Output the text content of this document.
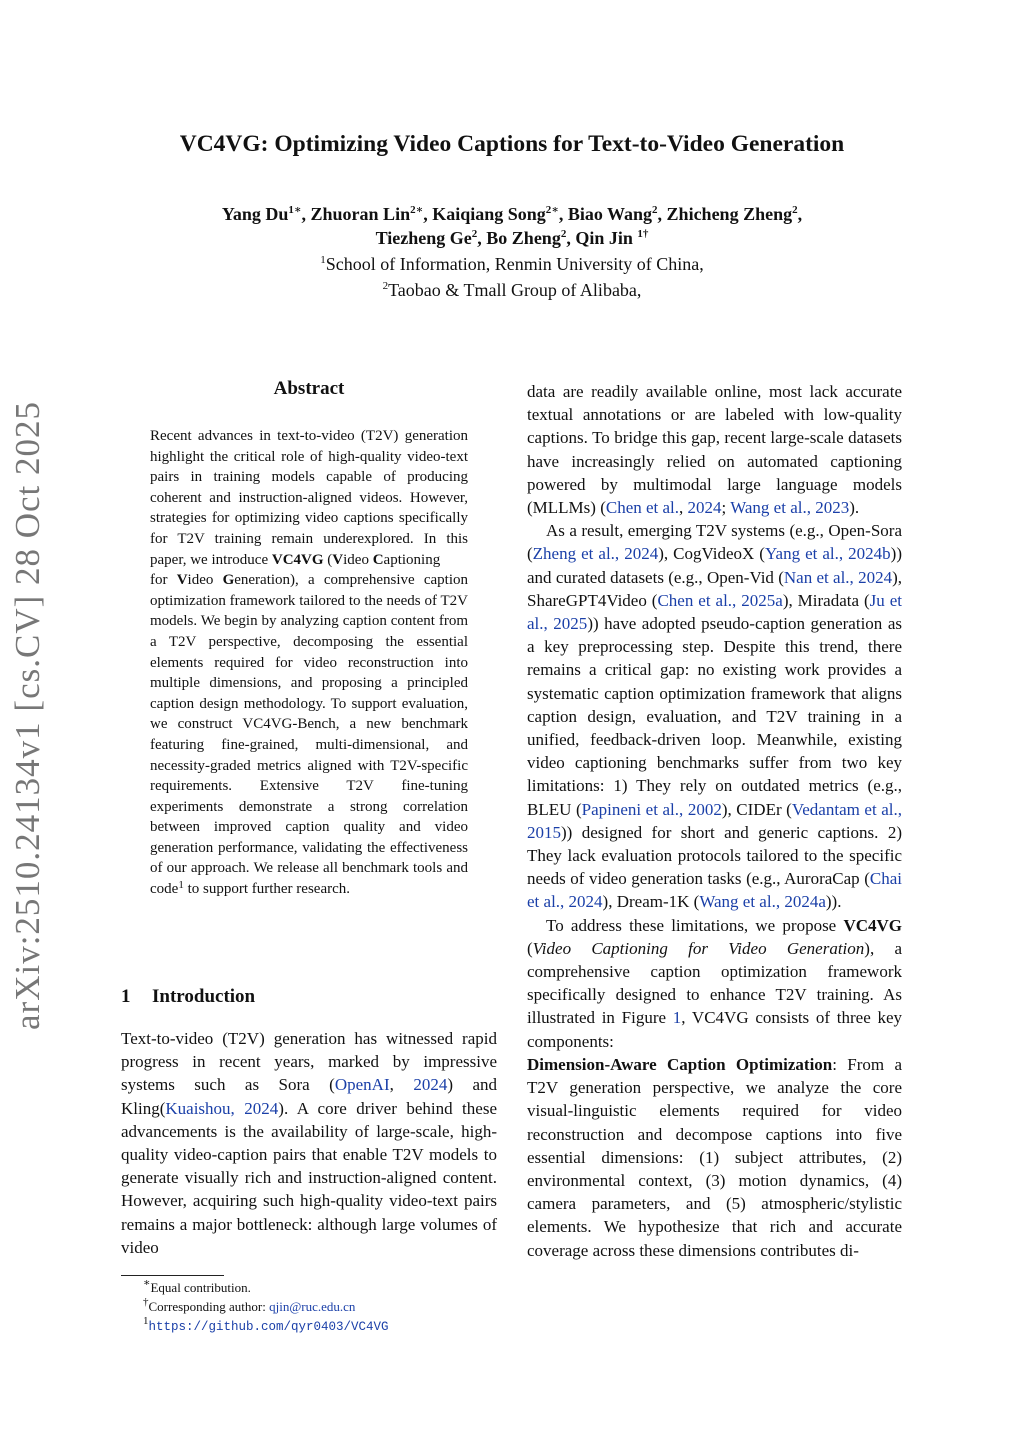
VC4VG: Optimizing Video Captions for Text-to-Video Generation
Yang $Du^{1∗}$, Zhuoran Lin$^{2∗}$, Kaiqiang Song$^{2∗}$, Biao Wang$^2$, Zhicheng Zheng$^2$,
Tiezheng Ge$^2$, Bo Zheng$^2$, Qin Jin $^{1\dagger}$
$^1$School of Information, Renmin University of China,
$^2$Taobao & Tmall Group of Alibaba,
arXiv:2510.24134v1 [cs.CV] 28 Oct 2025
Abstract
Recent advances in text-to-video (T2V) generation highlight the critical role of high-quality video-text pairs in training models capable of producing coherent and instruction-aligned videos. However, strategies for optimizing video captions specifically for T2V training remain underexplored. In this paper, we introduce VC4VG (Video Captioning
for Video Generation), a comprehensive caption optimization framework tailored to the needs of T2V models. We begin by analyzing caption content from a T2V perspective, decomposing the essential elements required for video reconstruction into multiple dimensions, and proposing a principled caption design methodology. To support evaluation, we construct VC4VG-Bench, a new benchmark featuring fine-grained, multi-dimensional, and necessity-graded metrics aligned with T2V-specific requirements. Extensive T2V fine-tuning experiments demonstrate a strong correlation between improved caption quality and video generation performance, validating the effectiveness of our approach. We release all benchmark tools and code$^1$ to support further research.
1 Introduction
Text-to-video (T2V) generation has witnessed rapid progress in recent years, marked by impressive systems such as Sora (OpenAI, 2024) and Kling(Kuaishou, 2024). A core driver behind these advancements is the availability of large-scale, high-quality video-caption pairs that enable T2V models to generate visually rich and instruction-aligned content. However, acquiring such high-quality video-text pairs remains a major bottleneck: although large volumes of video

data are readily available online, most lack accurate textual annotations or are labeled with low-quality captions. To bridge this gap, recent large-scale datasets have increasingly relied on automated captioning powered by multimodal large language models (MLLMs) (Chen et al., 2024; Wang et al., 2023).

As a result, emerging T2V systems (e.g., Open-Sora (Zheng et al., 2024), CogVideoX (Yang et al., 2024b)) and curated datasets (e.g., Open-Vid (Nan et al., 2024), ShareGPT4Video (Chen et al., 2025a), Miradata (Ju et al., 2025)) have adopted pseudo-caption generation as a key preprocessing step. Despite this trend, there remains a critical gap: no existing work provides a systematic caption optimization framework that aligns caption design, evaluation, and T2V training in a unified, feedback-driven loop. Meanwhile, existing video captioning benchmarks suffer from two key limitations: 1) They rely on outdated metrics (e.g., BLEU (Papineni et al., 2002), CIDEr (Vedantam et al., 2015)) designed for short and generic captions. 2) They lack evaluation protocols tailored to the specific needs of video generation tasks (e.g., AuroraCap (Chai et al., 2024), Dream-1K (Wang et al., 2024a)).

To address these limitations, we propose VC4VG (Video Captioning for Video Generation), a comprehensive caption optimization framework specifically designed to enhance T2V training. As illustrated in Figure 1, VC4VG consists of three key components:

Dimension-Aware Caption Optimization: From a T2V generation perspective, we analyze the core visual-linguistic elements required for video reconstruction and decompose captions into five essential dimensions: (1) subject attributes, (2) environmental context, (3) motion dynamics, (4) camera parameters, and (5) atmospheric/stylistic elements. We hypothesize that rich and accurate coverage across these dimensions contributes di-

∗Equal contribution.
†Corresponding author: qjin@ruc.edu.cn
$^1$https://github.com/qyr0403/VC4VG
